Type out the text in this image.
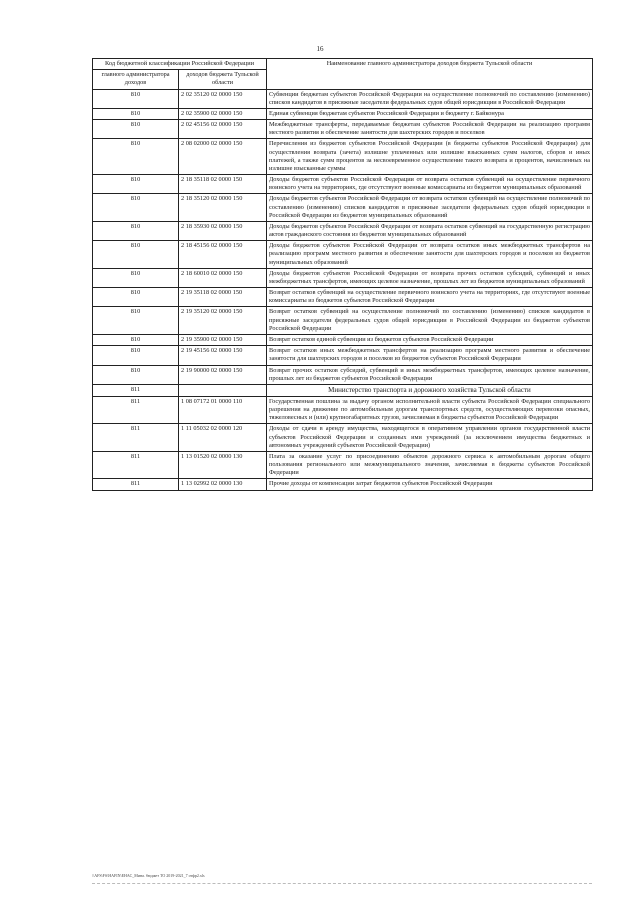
16
Код бюджетной классификации Российской Федерации		Наименование главного администратора доходов бюджета Тульской области
главного администратора доходов	доходов бюджета Тульской области	
810	2 02 35120 02 0000 150	Субвенции бюджетам субъектов Российской Федерации на осуществление полномочий по составлению (изменению) списков кандидатов в присяжные заседатели федеральных судов общей юрисдикции в Российской Федерации
810	2 02 35900 02 0000 150	Единая субвенция бюджетам субъектов Российской Федерации и бюджету г. Байконура
810	2 02 45156 02 0000 150	Межбюджетные трансферты, передаваемые бюджетам субъектов Российской Федерации на реализацию программ местного развития и обеспечение занятости для шахтерских городов и поселков
810	2 08 02000 02 0000 150	Перечисления из бюджетов субъектов Российской Федерации (в бюджеты субъектов Российской Федерации) для осуществления возврата (зачета) излишне уплаченных или излишне взысканных сумм налогов, сборов и иных платежей, а также сумм процентов за несвоевременное осуществление такого возврата и процентов, начисленных на излишне взысканные суммы
810	2 18 35118 02 0000 150	Доходы бюджетов субъектов Российской Федерации от возврата остатков субвенций на осуществление первичного воинского учета на территориях, где отсутствуют военные комиссариаты из бюджетов муниципальных образований
810	2 18 35120 02 0000 150	Доходы бюджетов субъектов Российской Федерации от возврата остатков субвенций на осуществление полномочий по составлению (изменению) списков кандидатов в присяжные заседатели федеральных судов общей юрисдикции в Российской Федерации из бюджетов муниципальных образований
810	2 18 35930 02 0000 150	Доходы бюджетов субъектов Российской Федерации от возврата остатков субвенций на государственную регистрацию актов гражданского состояния из бюджетов муниципальных образований
810	2 18 45156 02 0000 150	Доходы бюджетов субъектов Российской Федерации от возврата остатков иных межбюджетных трансфертов на реализацию программ местного развития и обеспечение занятости для шахтерских городов и поселков из бюджетов муниципальных образований
810	2 18 60010 02 0000 150	Доходы бюджетов субъектов Российской Федерации от возврата прочих остатков субсидий, субвенций и иных межбюджетных трансфертов, имеющих целевое назначение, прошлых лет из бюджетов муниципальных образований
810	2 19 35118 02 0000 150	Возврат остатков субвенций на осуществление первичного воинского учета на территориях, где отсутствуют военные комиссариаты из бюджетов субъектов Российской Федерации
810	2 19 35120 02 0000 150	Возврат остатков субвенций на осуществление полномочий по составлению (изменению) списков кандидатов в присяжные заседатели федеральных судов общей юрисдикции в Российской Федерации из бюджетов субъектов Российской Федерации
810	2 19 35900 02 0000 150	Возврат остатков единой субвенции из бюджетов субъектов Российской Федерации
810	2 19 45156 02 0000 150	Возврат остатков иных межбюджетных трансфертов на реализацию программ местного развития и обеспечение занятости для шахтерских городов и поселков из бюджетов субъектов Российской Федерации
810	2 19 90000 02 0000 150	Возврат прочих остатков субсидий, субвенций и иных межбюджетных трансфертов, имеющих целевое назначение, прошлых лет из бюджетов субъектов Российской Федерации
811		Министерство транспорта и дорожного хозяйства Тульской области
811	1 08 07172 01 0000 110	Государственная пошлина за выдачу органом исполнительной власти субъекта Российской Федерации специального разрешения на движение по автомобильным дорогам транспортных средств, осуществляющих перевозки опасных, тяжеловесных и (или) крупногабаритных грузов, зачисляемая в бюджеты субъектов Российской Федерации
811	1 11 05032 02 0000 120	Доходы от сдачи в аренду имущества, находящегося в оперативном управлении органов государственной власти субъектов Российской Федерации и созданных ими учреждений (за исключением имущества бюджетных и автономных учреждений субъектов Российской Федерации)
811	1 13 01520 02 0000 130	Плата за оказание услуг по присоединению объектов дорожного сервиса к автомобильным дорогам общего пользования регионального или межмуниципального значения, зачисляемая в бюджеты субъектов Российской Федерации
811	1 13 02992 02 0000 130	Прочие доходы от компенсации затрат бюджетов субъектов Российской Федерации
\\AFS\FS\HAFIN\ЕНАС_Мина. бюджет ТО 2019-2021_7 отфр2.xls
